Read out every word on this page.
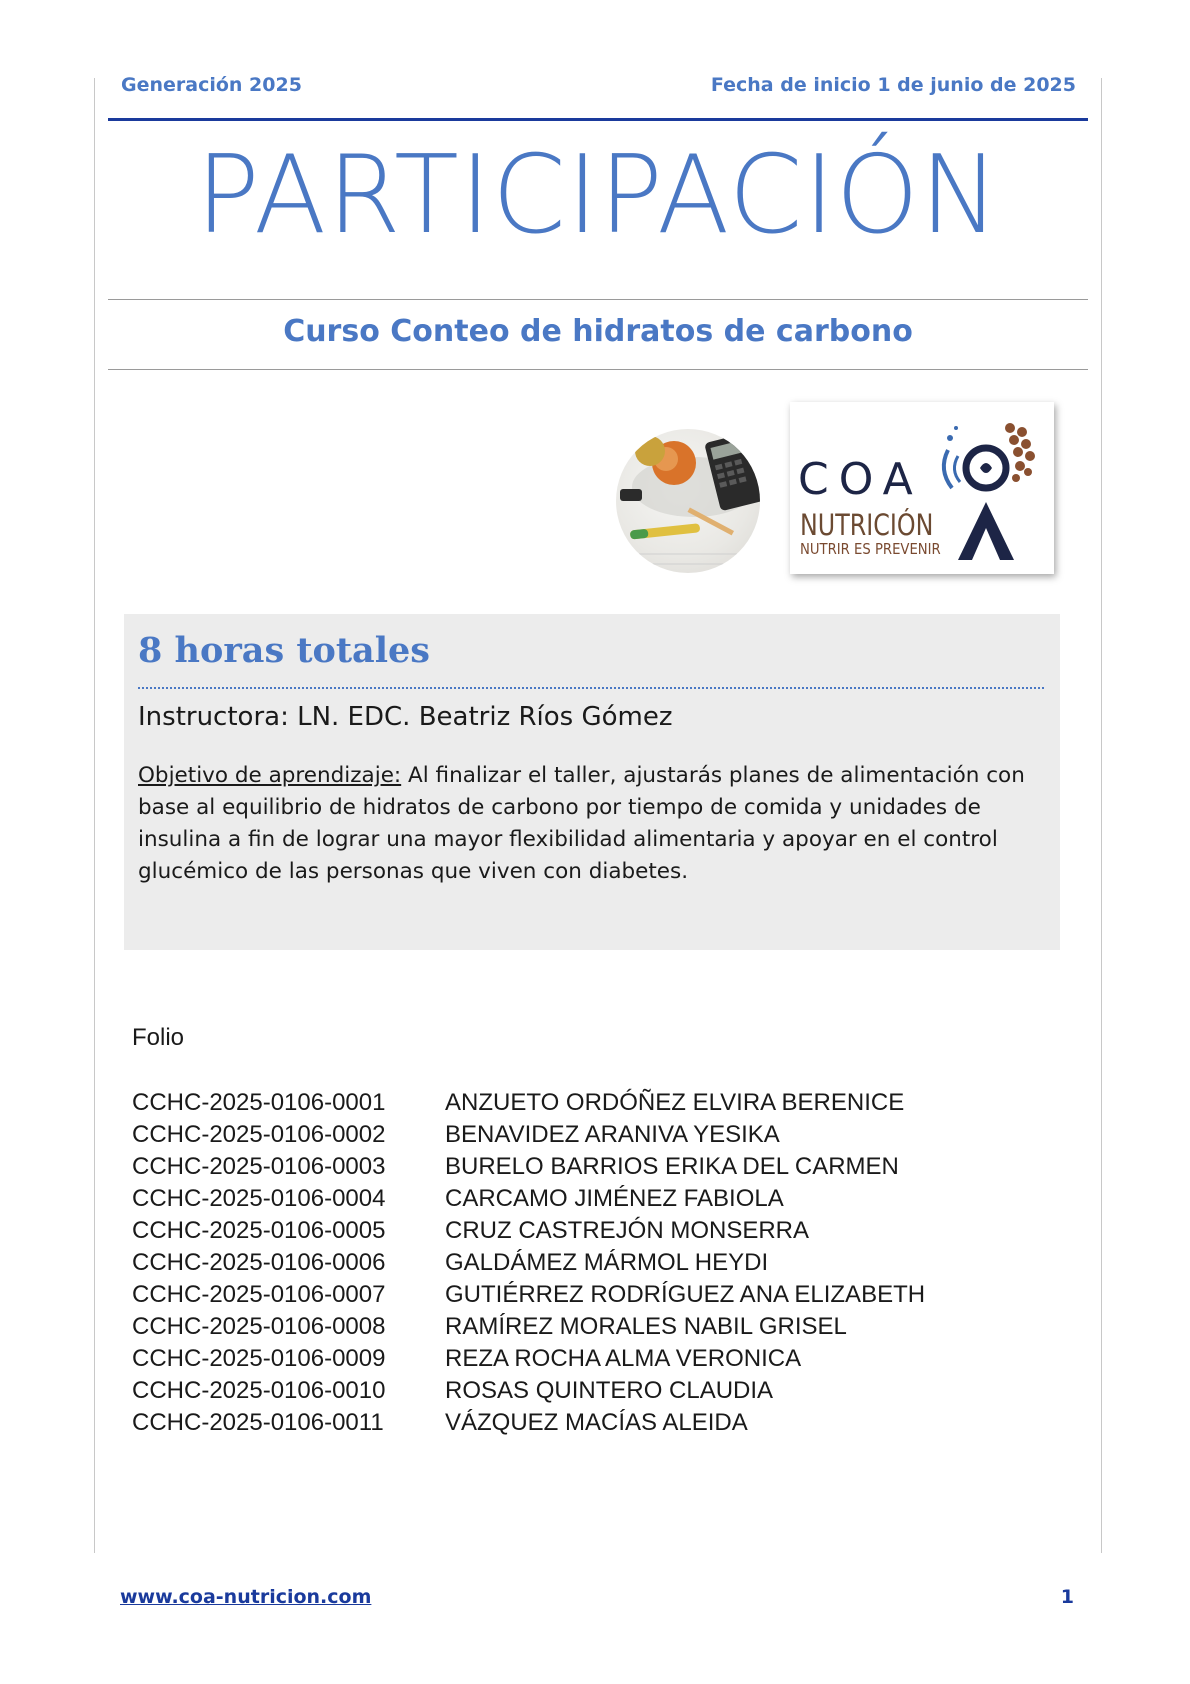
Generación 2025	Fecha de inicio 1 de junio de 2025
PARTICIPACIÓN
Curso Conteo de hidratos de carbono
COA
NUTRICIÓN
NUTRIR ES PREVENIR
8 horas totales
Instructora: LN. EDC. Beatriz Ríos Gómez
Objetivo de aprendizaje: Al finalizar el taller, ajustarás planes de alimentación con base al equilibrio de hidratos de carbono por tiempo de comida y unidades de insulina a fin de lograr una mayor flexibilidad alimentaria y apoyar en el control glucémico de las personas que viven con diabetes.
Folio
CCHC-2025-0106-0001	ANZUETO ORDÓÑEZ ELVIRA BERENICE
CCHC-2025-0106-0002	BENAVIDEZ ARANIVA YESIKA
CCHC-2025-0106-0003	BURELO BARRIOS ERIKA DEL CARMEN
CCHC-2025-0106-0004	CARCAMO JIMÉNEZ FABIOLA
CCHC-2025-0106-0005	CRUZ CASTREJÓN MONSERRA
CCHC-2025-0106-0006	GALDÁMEZ MÁRMOL HEYDI
CCHC-2025-0106-0007	GUTIÉRREZ RODRÍGUEZ ANA ELIZABETH
CCHC-2025-0106-0008	RAMÍREZ MORALES NABIL GRISEL
CCHC-2025-0106-0009	REZA ROCHA ALMA VERONICA
CCHC-2025-0106-0010	ROSAS QUINTERO CLAUDIA
CCHC-2025-0106-0011	VÁZQUEZ MACÍAS ALEIDA
www.coa-nutricion.com	1
